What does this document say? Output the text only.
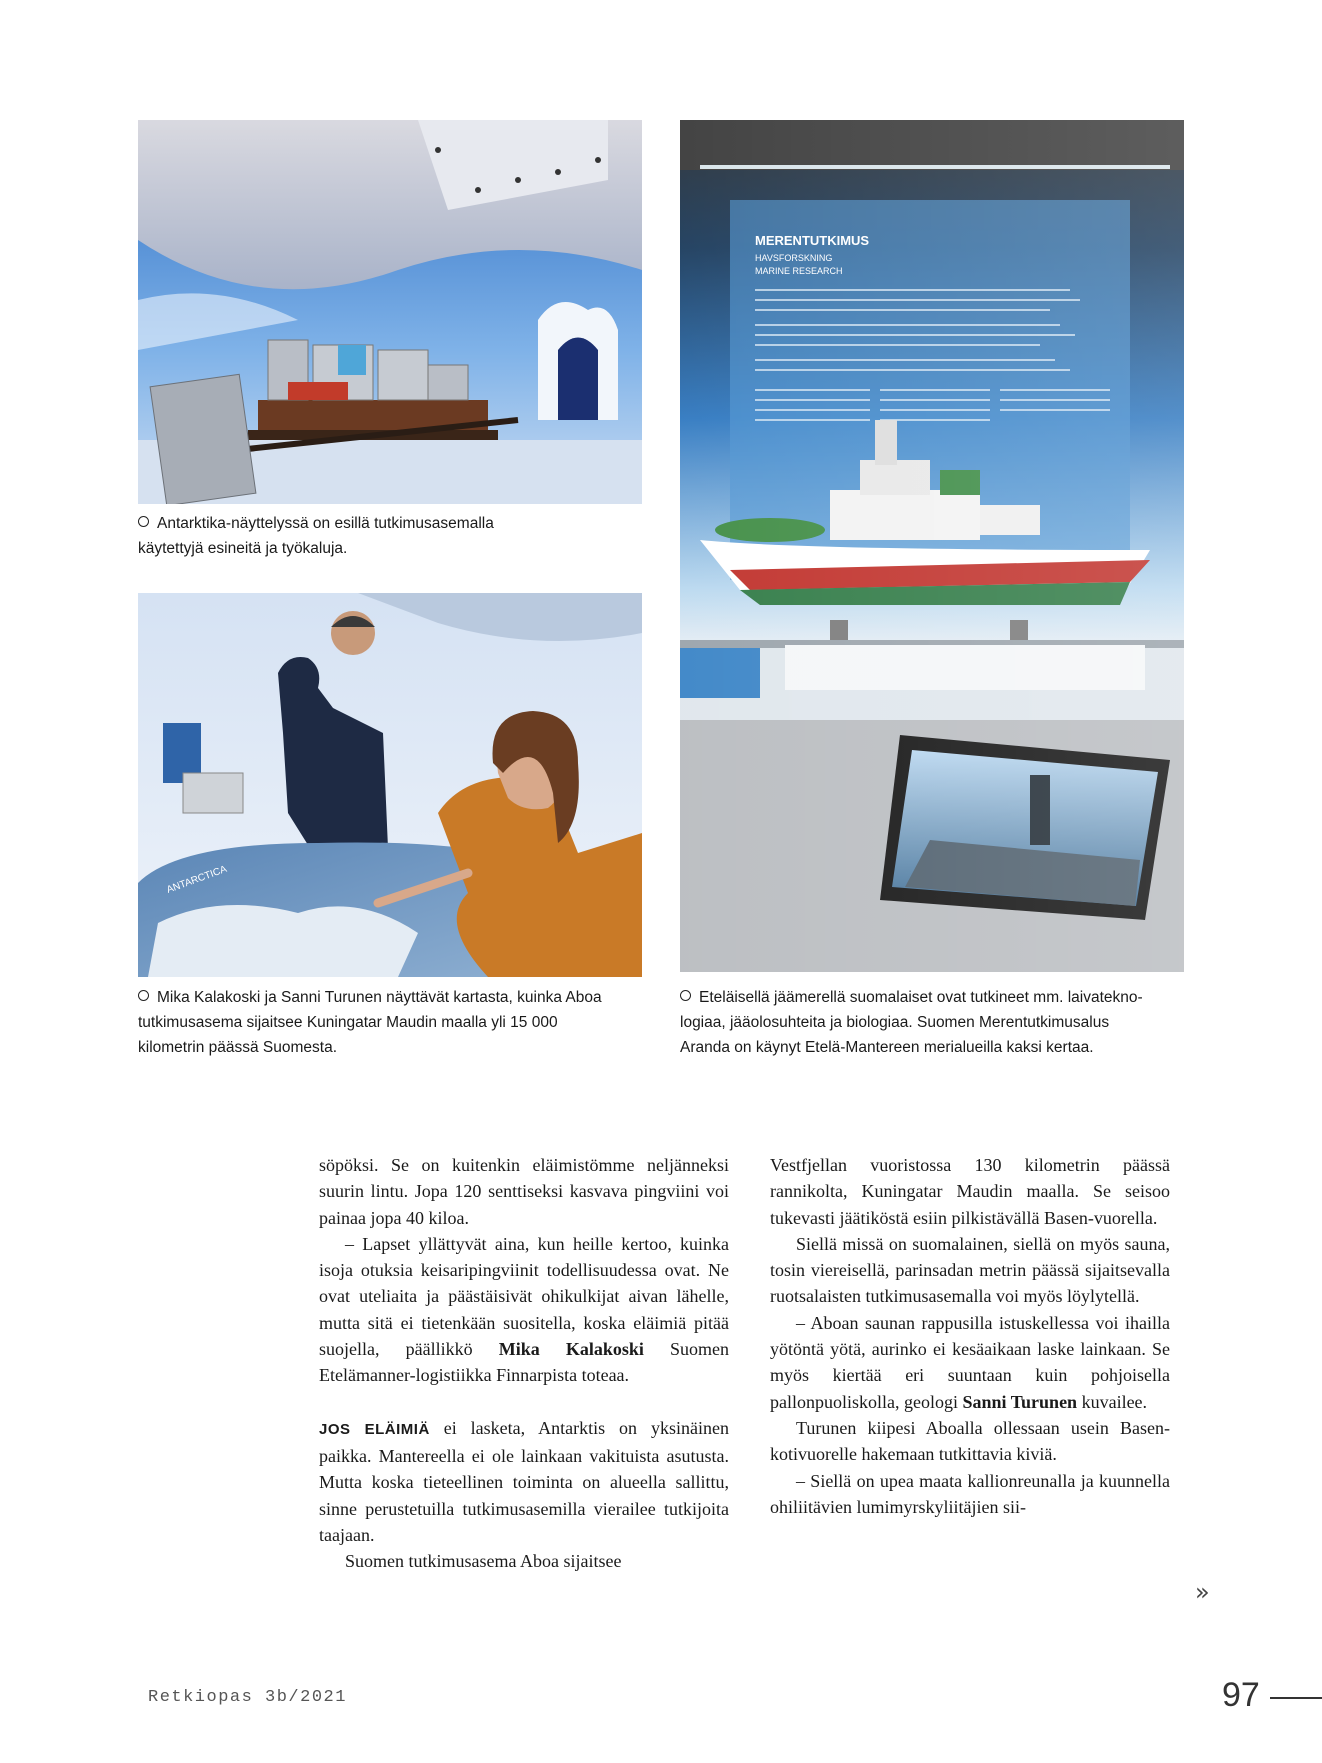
Antarktika-näyttelyssä on esillä tutkimusasemalla
käytettyjä esineitä ja työkaluja.
ANTARCTICA
Mika Kalakoski ja Sanni Turunen näyttävät kartasta, kuinka Aboa
tutkimusasema sijaitsee Kuningatar Maudin maalla yli 15 000
kilometrin päässä Suomesta.
Eteläisellä jäämerellä suomalaiset ovat tutkineet mm. laivatekno-
logiaa, jääolosuhteita ja biologiaa. Suomen Merentutkimusalus
Aranda on käynyt Etelä-Mantereen merialueilla kaksi kertaa.

söpöksi. Se on kuitenkin eläimistömme neljänneksi suurin lintu. Jopa 120 senttiseksi kasvava pingviini voi painaa jopa 40 kiloa.

– Lapset yllättyvät aina, kun heille kertoo, kuinka isoja otuksia keisaripingviinit todellisuudessa ovat. Ne ovat uteliaita ja päästäisivät ohikulkijat aivan lähelle, mutta sitä ei tietenkään suositella, koska eläimiä pitää suojella, päällikkö Mika Kalakoski Suomen Etelämanner-logistiikka Finnarpista toteaa.

JOS ELÄIMIÄ ei lasketa, Antarktis on yksinäinen paikka. Mantereella ei ole lainkaan vakituista asutusta. Mutta koska tieteellinen toiminta on alueella sallittu, sinne perustetuilla tutkimusasemilla vierailee tutkijoita taajaan.

Suomen tutkimusasema Aboa sijaitsee

Vestfjellan vuoristossa 130 kilometrin päässä rannikolta, Kuningatar Maudin maalla. Se seisoo tukevasti jäätiköstä esiin pilkistävällä Basen-vuorella.

Siellä missä on suomalainen, siellä on myös sauna, tosin viereisellä, parinsadan metrin päässä sijaitsevalla ruotsalaisten tutkimusasemalla voi myös löylytellä.

– Aboan saunan rappusilla istuskellessa voi ihailla yötöntä yötä, aurinko ei kesäaikaan laske lainkaan. Se myös kiertää eri suuntaan kuin pohjoisella pallonpuoliskolla, geologi Sanni Turunen kuvailee.

Turunen kiipesi Aboalla ollessaan usein Basen-kotivuorelle hakemaan tutkittavia kiviä.

– Siellä on upea maata kallionreunalla ja kuunnella ohiliitävien lumimyrskyliitäjien sii-

»
Retkiopas 3b/2021	97
